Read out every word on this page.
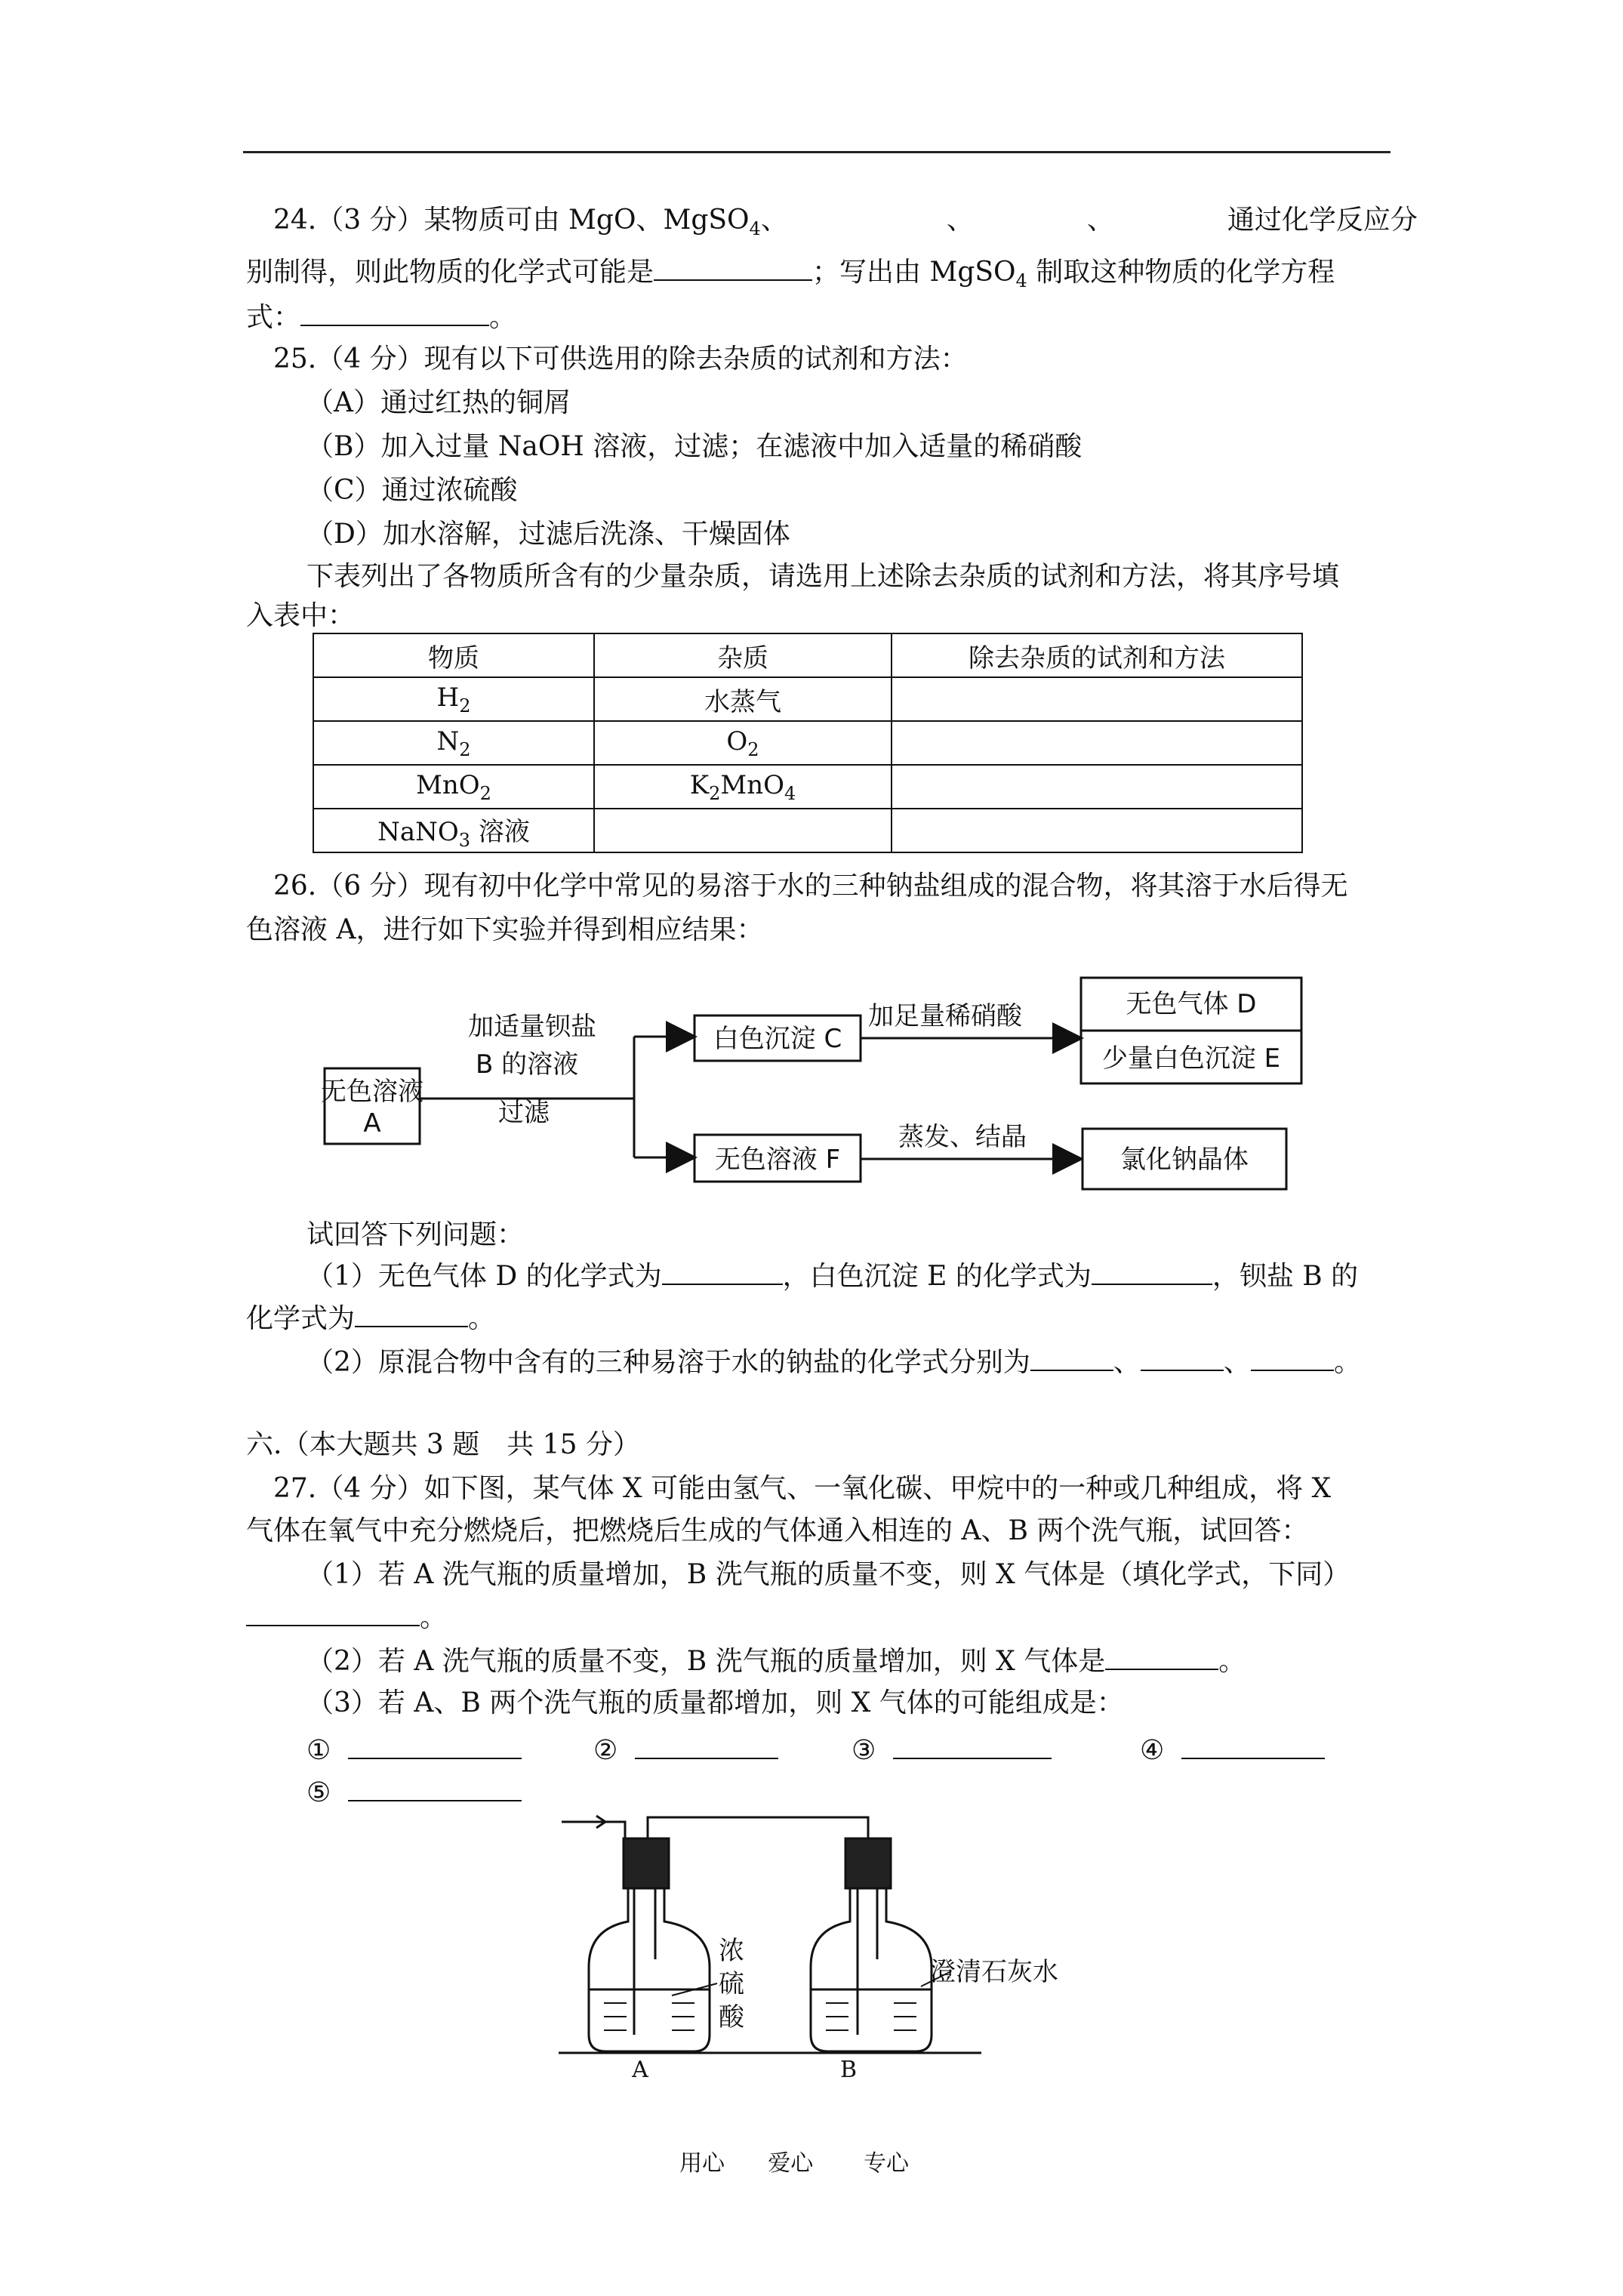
24.（3 分）某物质可由 MgO、MgSO$_4$、	、	、	通过化学反应分
别制得，则此物质的化学式可能是	；写出由 MgSO$_4$ 制取这种物质的化学方程
式：	。
25.（4 分）现有以下可供选用的除去杂质的试剂和方法：
（A）通过红热的铜屑
（B）加入过量 NaOH 溶液，过滤；在滤液中加入适量的稀硝酸
（C）通过浓硫酸
（D）加水溶解，过滤后洗涤、干燥固体
下表列出了各物质所含有的少量杂质，请选用上述除去杂质的试剂和方法，将其序号填
入表中：
物质	杂质	除去杂质的试剂和方法
$H_2$	水蒸气	
$N_2$	$O_2$	
MnO$_2$	$K_2MnO_4$	
NaNO$_3$ 溶液		
26.（6 分）现有初中化学中常见的易溶于水的三种钠盐组成的混合物，将其溶于水后得无
色溶液 A，进行如下实验并得到相应结果：
无色溶液
A
加适量钡盐
B 的溶液
过滤
白色沉淀 C
加足量稀硝酸	无色气体 D
少量白色沉淀 E
无色溶液 F
蒸发、结晶
氯化钠晶体
试回答下列问题：
（1）无色气体 D 的化学式为	，白色沉淀 E 的化学式为	，钡盐 B 的
化学式为	。
（2）原混合物中含有的三种易溶于水的钠盐的化学式分别为	、	、	。
六.（本大题共 3 题　共 15 分）
27.（4 分）如下图，某气体 X 可能由氢气、一氧化碳、甲烷中的一种或几种组成，将 X
气体在氧气中充分燃烧后，把燃烧后生成的气体通入相连的 A、B 两个洗气瓶，试回答：
（1）若 A 洗气瓶的质量增加，B 洗气瓶的质量不变，则 X 气体是（填化学式，下同）
。
（2）若 A 洗气瓶的质量不变，B 洗气瓶的质量增加，则 X 气体是	。
（3）若 A、B 两个洗气瓶的质量都增加，则 X 气体的可能组成是：
①	②	③	④
⑤
浓
硫
酸
澄清石灰水
A	B
用心 爱心 专心
